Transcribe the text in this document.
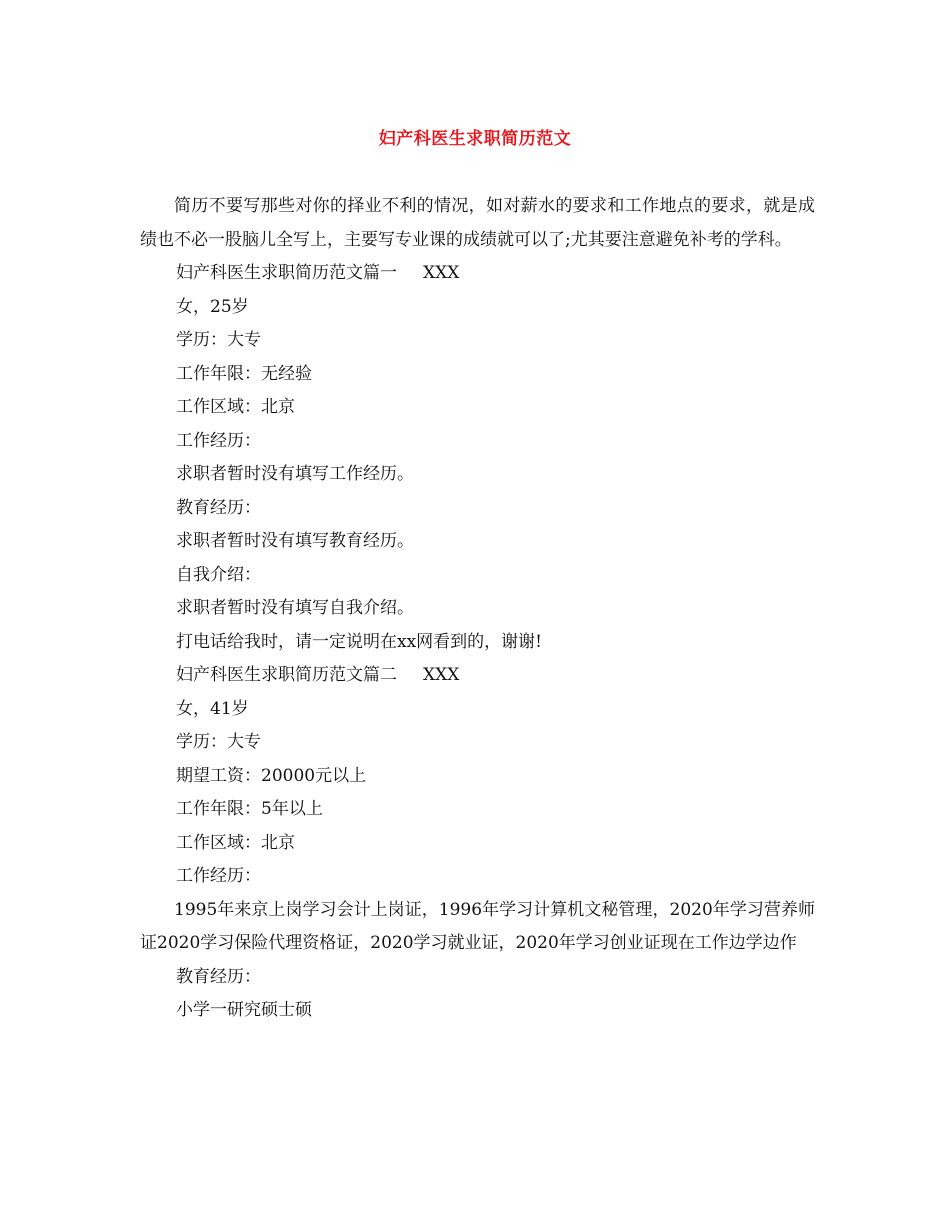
妇产科医生求职简历范文

简历不要写那些对你的择业不利的情况，如对薪水的要求和工作地点的要求，就是成绩也不必一股脑儿全写上，主要写专业课的成绩就可以了;尤其要注意避免补考的学科。

妇产科医生求职简历范文篇一 XXX

女，25岁

学历：大专

工作年限：无经验

工作区域：北京

工作经历：

求职者暂时没有填写工作经历。

教育经历：

求职者暂时没有填写教育经历。

自我介绍：

求职者暂时没有填写自我介绍。

打电话给我时，请一定说明在xx网看到的，谢谢!

妇产科医生求职简历范文篇二 XXX

女，41岁

学历：大专

期望工资：20000元以上

工作年限：5年以上

工作区域：北京

工作经历：

1995年来京上岗学习会计上岗证，1996年学习计算机文秘管理，2020年学习营养师证2020学习保险代理资格证，2020学习就业证，2020年学习创业证现在工作边学边作

教育经历：

小学一研究硕士硕
